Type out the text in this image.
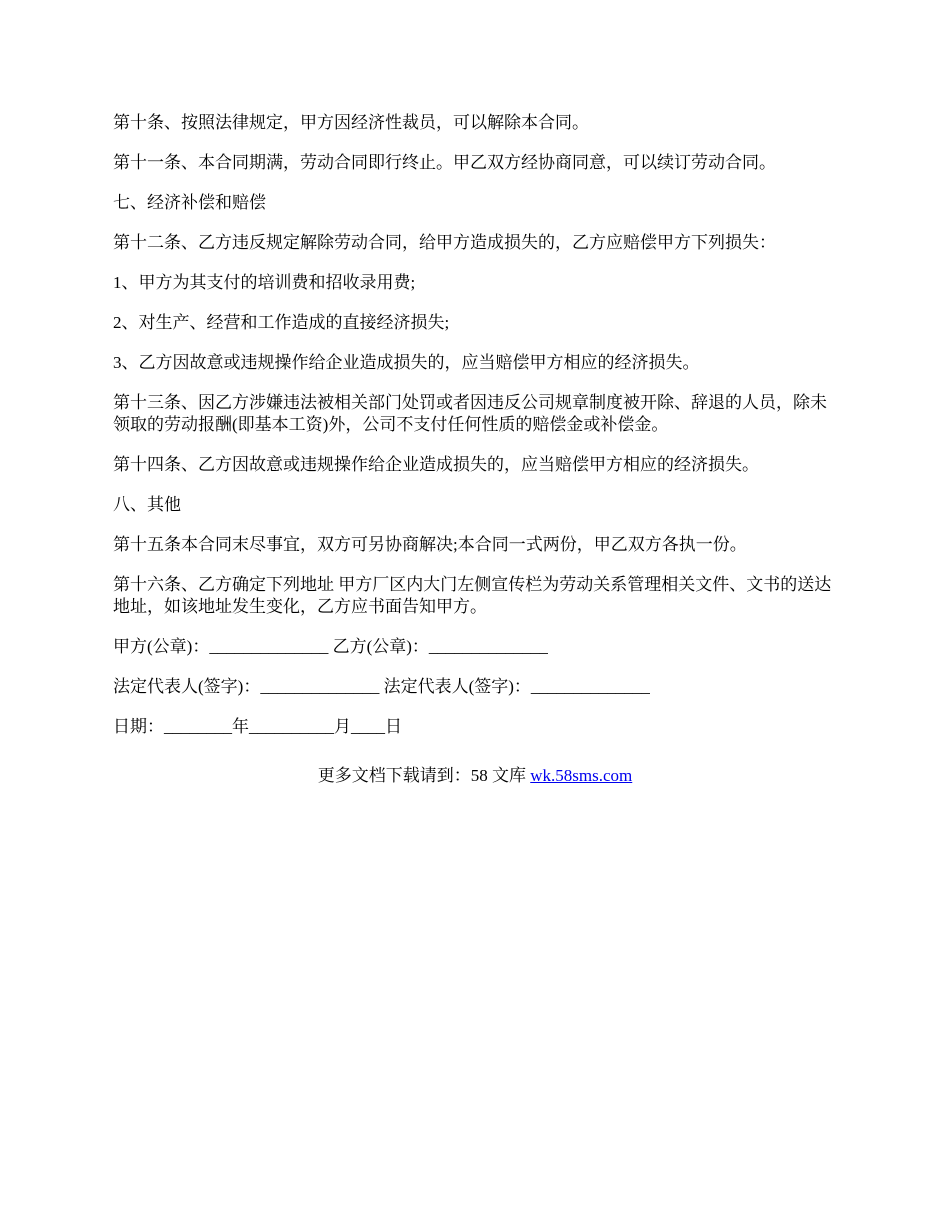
第十条、按照法律规定，甲方因经济性裁员，可以解除本合同。

第十一条、本合同期满，劳动合同即行终止。甲乙双方经协商同意，可以续订劳动合同。

七、经济补偿和赔偿

第十二条、乙方违反规定解除劳动合同，给甲方造成损失的，乙方应赔偿甲方下列损失：

1、甲方为其支付的培训费和招收录用费;

2、对生产、经营和工作造成的直接经济损失;

3、乙方因故意或违规操作给企业造成损失的，应当赔偿甲方相应的经济损失。

第十三条、因乙方涉嫌违法被相关部门处罚或者因违反公司规章制度被开除、辞退的人员，除未领取的劳动报酬(即基本工资)外，公司不支付任何性质的赔偿金或补偿金。

第十四条、乙方因故意或违规操作给企业造成损失的，应当赔偿甲方相应的经济损失。

八、其他

第十五条本合同末尽事宜，双方可另协商解决;本合同一式两份，甲乙双方各执一份。

第十六条、乙方确定下列地址 甲方厂区内大门左侧宣传栏为劳动关系管理相关文件、文书的送达地址，如该地址发生变化，乙方应书面告知甲方。

甲方(公章)：______________ 乙方(公章)：______________

法定代表人(签字)：______________ 法定代表人(签字)：______________

日期：________年__________月____日

更多文档下载请到：58 文库 wk.58sms.com
